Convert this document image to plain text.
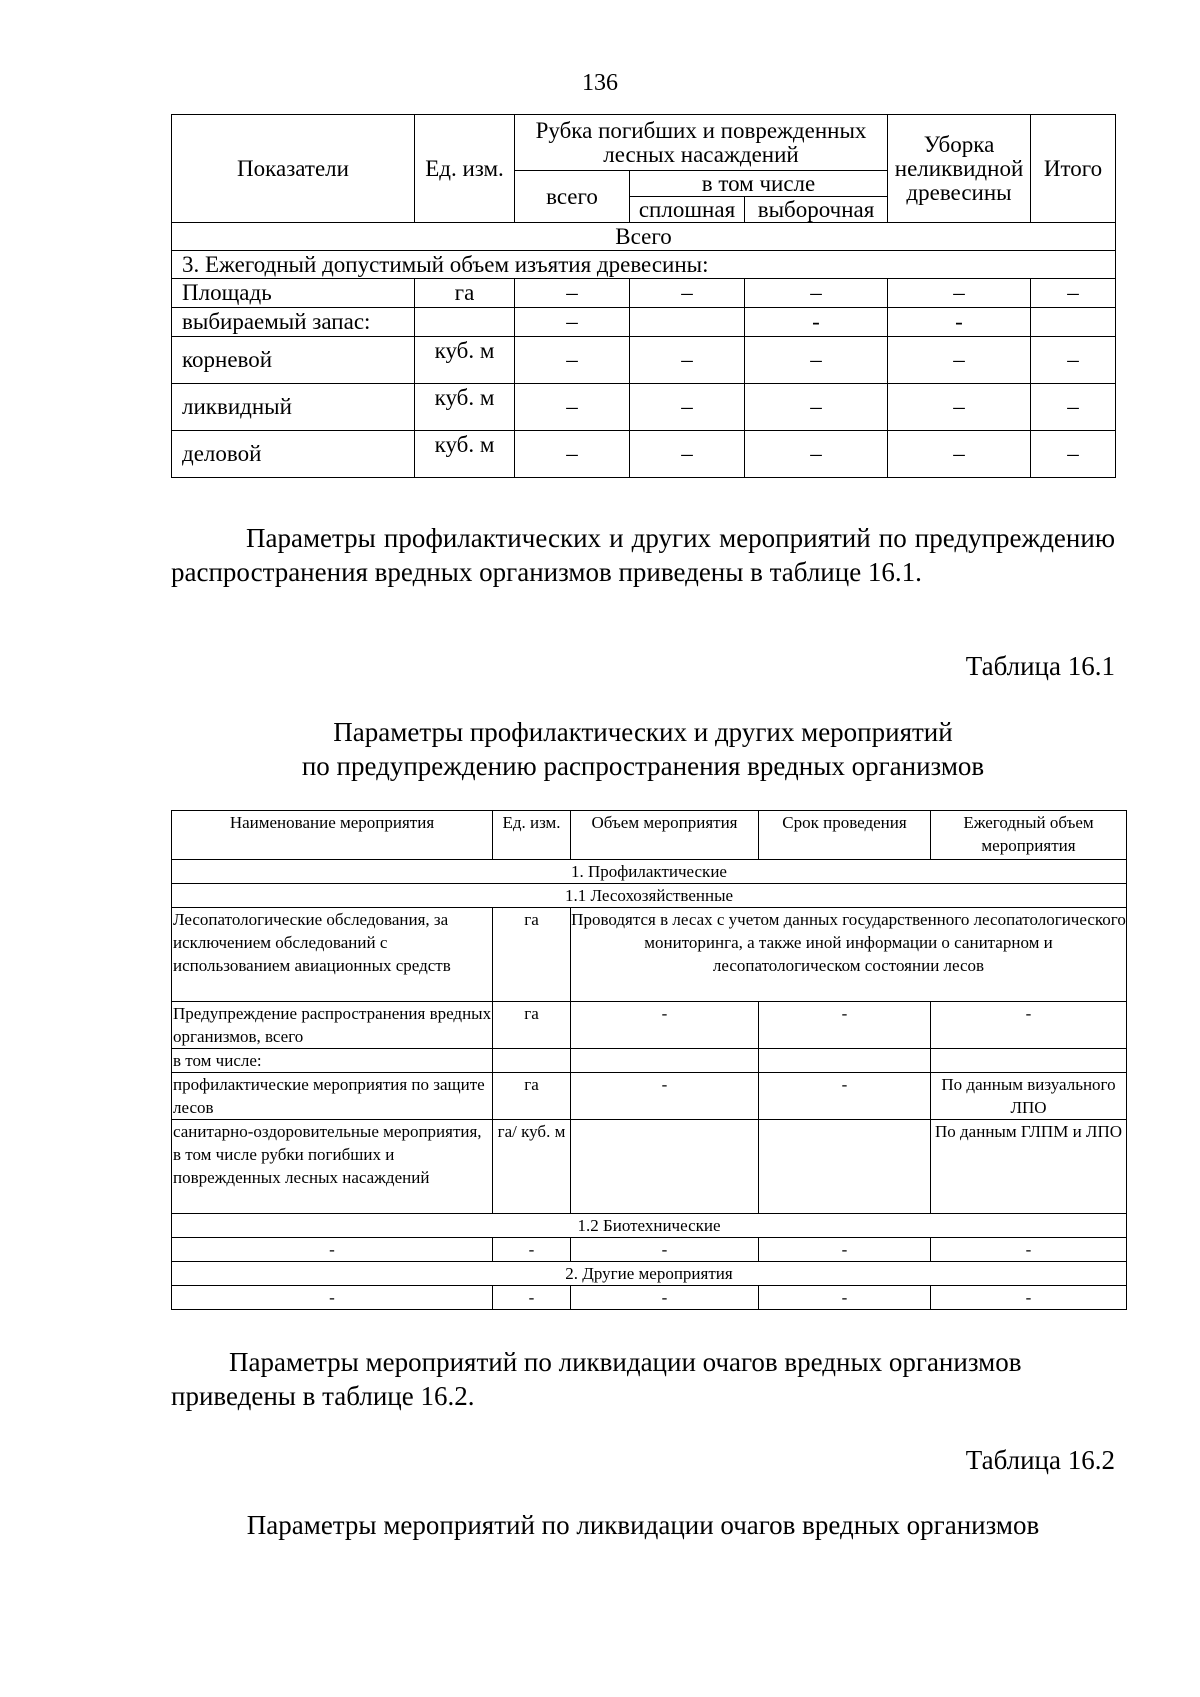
136
Показатели	Ед. изм.	Рубка погибших и поврежденных лесных насаждений			Уборка неликвидной древесины	Итого
		всего	в том числе			
			сплошная	выборочная		
Всего						
3. Ежегодный допустимый объем изъятия древесины:						
Площадь	га	–	–	–	–	–
выбираемый запас:		–		-	-	
корневой	куб. м	–	–	–	–	–
ликвидный	куб. м	–	–	–	–	–
деловой	куб. м	–	–	–	–	–
Параметры профилактических и других мероприятий по предупреждению распространения вредных организмов приведены в таблице 16.1.
Таблица 16.1
Параметры профилактических и других мероприятий
по предупреждению распространения вредных организмов
Наименование мероприятия	Ед. изм.	Объем мероприятия	Срок проведения	Ежегодный объем мероприятия
1. Профилактические				
1.1 Лесохозяйственные				
Лесопатологические обследования, за исключением обследований с использованием авиационных средств	га	Проводятся в лесах с учетом данных государственного лесопатологического мониторинга, а также иной информации о санитарном и лесопатологическом состоянии лесов		
Предупреждение распространения вредных организмов, всего	га	-	-	-
в том числе:				
профилактические мероприятия по защите лесов	га	-	-	По данным визуального ЛПО
санитарно-оздоровительные мероприятия, в том числе рубки погибших и поврежденных лесных насаждений	га/ куб. м			По данным ГЛПМ и ЛПО
1.2 Биотехнические				
-	-	-	-	-
2. Другие мероприятия				
-	-	-	-	-
Параметры мероприятий по ликвидации очагов вредных организмов приведены в таблице 16.2.
Таблица 16.2
Параметры мероприятий по ликвидации очагов вредных организмов
